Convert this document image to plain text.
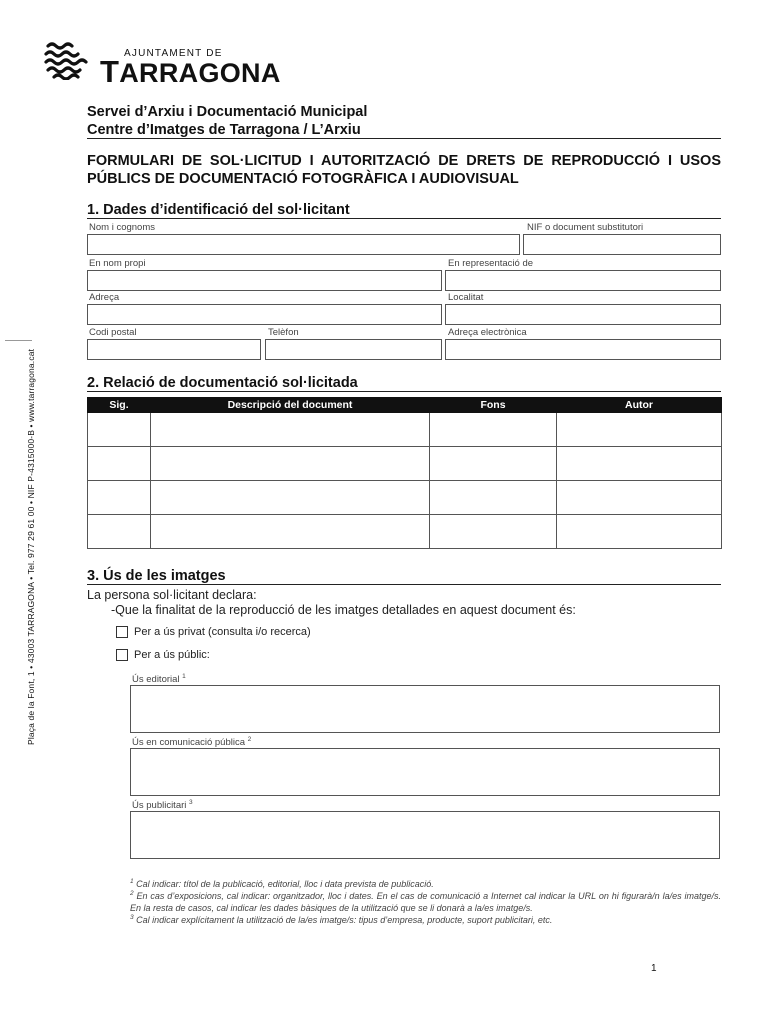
AJUNTAMENT DE
TARRAGONA
Plaça de la Font, 1 • 43003 TARRAGONA • Tel. 977 29 61 00 • NIF P-4315000-B • www.tarragona.cat
Servei d’Arxiu i Documentació Municipal
Centre d’Imatges de Tarragona / L’Arxiu
FORMULARI DE SOL·LICITUD I AUTORITZACIÓ DE DRETS DE REPRODUCCIÓ I USOS PÚBLICS DE DOCUMENTACIÓ FOTOGRÀFICA I AUDIOVISUAL
1. Dades d’identificació del sol·licitant
Nom i cognoms	NIF o document substitutori
En nom propi	En representació de
Adreça	Localitat
Codi postal	Telèfon	Adreça electrònica
2. Relació de documentació sol·licitada
Sig.	Descripció del document	Fons	Autor

3. Ús de les imatges
La persona sol·licitant declara:
-Que la finalitat de la reproducció de les imatges detallades en aquest document és:
Per a ús privat (consulta i/o recerca)
Per a ús públic:
Ús editorial $^1$
Ús en comunicació pública $^2$
Ús publicitari $^3$
$^1$ Cal indicar: títol de la publicació, editorial, lloc i data prevista de publicació.
$^2$ En cas d’exposicions, cal indicar: organitzador, lloc i dates. En el cas de comunicació a Internet cal indicar la URL on hi figurarà/n la/es imatge/s. En la resta de casos, cal indicar les dades bàsiques de la utilització que se li donarà a la/es imatge/s.
$^3$ Cal indicar explícitament la utilització de la/es imatge/s: tipus d’empresa, producte, suport publicitari, etc.
1
